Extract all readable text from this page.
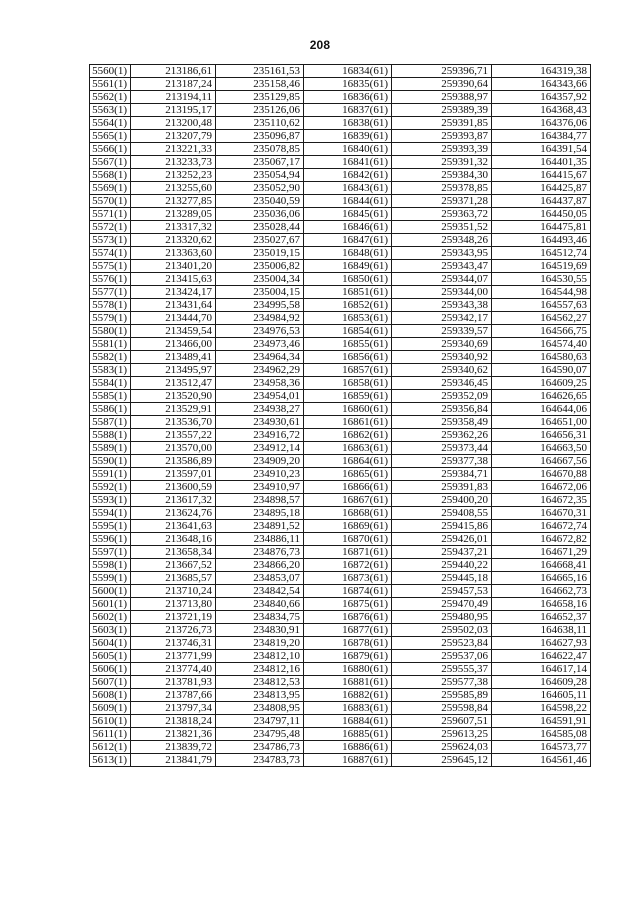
208
5560(1)	213186,61	235161,53	16834(61)	259396,71	164319,38
5561(1)	213187,24	235158,46	16835(61)	259390,64	164343,66
5562(1)	213194,11	235129,85	16836(61)	259388,97	164357,92
5563(1)	213195,17	235126,06	16837(61)	259389,39	164368,43
5564(1)	213200,48	235110,62	16838(61)	259391,85	164376,06
5565(1)	213207,79	235096,87	16839(61)	259393,87	164384,77
5566(1)	213221,33	235078,85	16840(61)	259393,39	164391,54
5567(1)	213233,73	235067,17	16841(61)	259391,32	164401,35
5568(1)	213252,23	235054,94	16842(61)	259384,30	164415,67
5569(1)	213255,60	235052,90	16843(61)	259378,85	164425,87
5570(1)	213277,85	235040,59	16844(61)	259371,28	164437,87
5571(1)	213289,05	235036,06	16845(61)	259363,72	164450,05
5572(1)	213317,32	235028,44	16846(61)	259351,52	164475,81
5573(1)	213320,62	235027,67	16847(61)	259348,26	164493,46
5574(1)	213363,60	235019,15	16848(61)	259343,95	164512,74
5575(1)	213401,20	235006,82	16849(61)	259343,47	164519,69
5576(1)	213415,63	235004,34	16850(61)	259344,07	164530,55
5577(1)	213424,17	235004,15	16851(61)	259344,00	164544,98
5578(1)	213431,64	234995,58	16852(61)	259343,38	164557,63
5579(1)	213444,70	234984,92	16853(61)	259342,17	164562,27
5580(1)	213459,54	234976,53	16854(61)	259339,57	164566,75
5581(1)	213466,00	234973,46	16855(61)	259340,69	164574,40
5582(1)	213489,41	234964,34	16856(61)	259340,92	164580,63
5583(1)	213495,97	234962,29	16857(61)	259340,62	164590,07
5584(1)	213512,47	234958,36	16858(61)	259346,45	164609,25
5585(1)	213520,90	234954,01	16859(61)	259352,09	164626,65
5586(1)	213529,91	234938,27	16860(61)	259356,84	164644,06
5587(1)	213536,70	234930,61	16861(61)	259358,49	164651,00
5588(1)	213557,22	234916,72	16862(61)	259362,26	164656,31
5589(1)	213570,00	234912,14	16863(61)	259373,44	164663,50
5590(1)	213586,89	234909,20	16864(61)	259377,38	164667,56
5591(1)	213597,01	234910,23	16865(61)	259384,71	164670,88
5592(1)	213600,59	234910,97	16866(61)	259391,83	164672,06
5593(1)	213617,32	234898,57	16867(61)	259400,20	164672,35
5594(1)	213624,76	234895,18	16868(61)	259408,55	164670,31
5595(1)	213641,63	234891,52	16869(61)	259415,86	164672,74
5596(1)	213648,16	234886,11	16870(61)	259426,01	164672,82
5597(1)	213658,34	234876,73	16871(61)	259437,21	164671,29
5598(1)	213667,52	234866,20	16872(61)	259440,22	164668,41
5599(1)	213685,57	234853,07	16873(61)	259445,18	164665,16
5600(1)	213710,24	234842,54	16874(61)	259457,53	164662,73
5601(1)	213713,80	234840,66	16875(61)	259470,49	164658,16
5602(1)	213721,19	234834,75	16876(61)	259480,95	164652,37
5603(1)	213726,73	234830,91	16877(61)	259502,03	164638,11
5604(1)	213746,31	234819,20	16878(61)	259523,84	164627,93
5605(1)	213771,99	234812,10	16879(61)	259537,06	164622,47
5606(1)	213774,40	234812,16	16880(61)	259555,37	164617,14
5607(1)	213781,93	234812,53	16881(61)	259577,38	164609,28
5608(1)	213787,66	234813,95	16882(61)	259585,89	164605,11
5609(1)	213797,34	234808,95	16883(61)	259598,84	164598,22
5610(1)	213818,24	234797,11	16884(61)	259607,51	164591,91
5611(1)	213821,36	234795,48	16885(61)	259613,25	164585,08
5612(1)	213839,72	234786,73	16886(61)	259624,03	164573,77
5613(1)	213841,79	234783,73	16887(61)	259645,12	164561,46
